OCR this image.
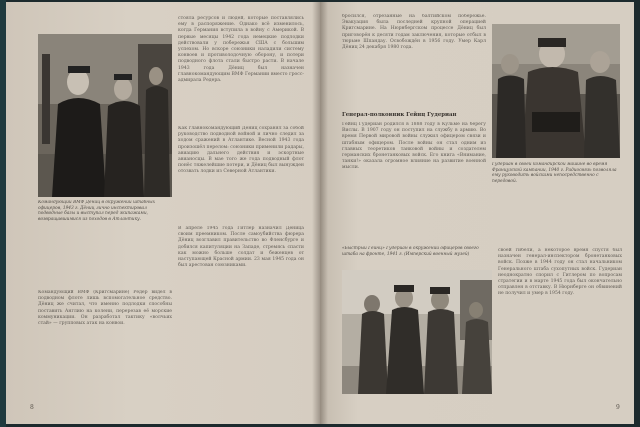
стояла ресурсов и людей, которые поставлялись ему в распоряжение. Однако всё изменилось, когда Германия вступила в войну с Америкой. В первые месяцы 1942 года немецкие подлодки действовали у побережья США с большим успехом. Но вскоре союзники наладили систему конвоев и противолодочную оборону, и потери подводного флота стали быстро расти. В начале 1943 года Дёниц был назначен главнокомандующим ВМФ Германии вместо гросс-адмирала Редера.
Как главнокомандующий Дёниц сохранял за собой руководство подводной войной и лично следил за ходом сражений в Атлантике. Весной 1943 года произошёл перелом: союзники применили радары, авиацию дальнего действия и эскортные авианосцы. В мае того же года подводный флот понёс тяжелейшие потери, и Дёниц был вынужден отозвать лодки из Северной Атлантики.
Командующий ВМФ Дёниц в окружении штабных офицеров, 1943 г. Дёниц лично инспектировал подводные базы и выступал перед экипажами, возвращавшимися из походов в Атлантику.
Командующий ВМФ (Кригсмарине) Редер видел в подводном флоте лишь вспомогательное средство. Дёниц же считал, что именно подлодки способны поставить Англию на колени, перерезав её морские коммуникации. Он разработал тактику «волчьих стай» — групповых атак на конвои.
В апреле 1945 года Гитлер назначил Дёница своим преемником. После самоубийства фюрера Дёниц возглавил правительство во Фленсбурге и добился капитуляции на Западе, стремясь спасти как можно больше солдат и беженцев от наступающей Красной армии. 23 мая 1945 года он был арестован союзниками.
8
бросился, отрезанные на балтийском побережье. Эвакуация была последней крупной операцией Кригсмарине. На Нюрнбергском процессе Дёниц был приговорён к десяти годам заключения, которые отбыл в тюрьме Шпандау. Освобождён в 1956 году. Умер Карл Дёниц 24 декабря 1980 года.
Генерал-полковник Гейнц Гудериан
Гейнц Гудериан родился в 1888 году в Кульме на берегу Вислы. В 1907 году он поступил на службу в армию. Во время Первой мировой войны служил офицером связи и штабным офицером. После войны он стал одним из главных теоретиков танковой войны и создателем германских бронетанковых войск. Его книга «Внимание, танки!» оказала огромное влияние на развитие военной мысли.
Гудериан в своей командирской машине во время Французской кампании, 1940 г. Радиосвязь позволяла ему руководить войсками непосредственно с передовой.
«Быстрый Гейнц» Гудериан в окружении офицеров своего штаба на фронте, 1941 г. (Имперский военный музей)
своей гибели, а некоторое время спустя был назначен генерал-инспектором бронетанковых войск. Позже в 1944 году он стал начальником Генерального штаба сухопутных войск. Гудериан неоднократно спорил с Гитлером по вопросам стратегии и в марте 1945 года был окончательно отправлен в отставку. В Нюрнберге он обвинений не получил и умер в 1954 году.
9
